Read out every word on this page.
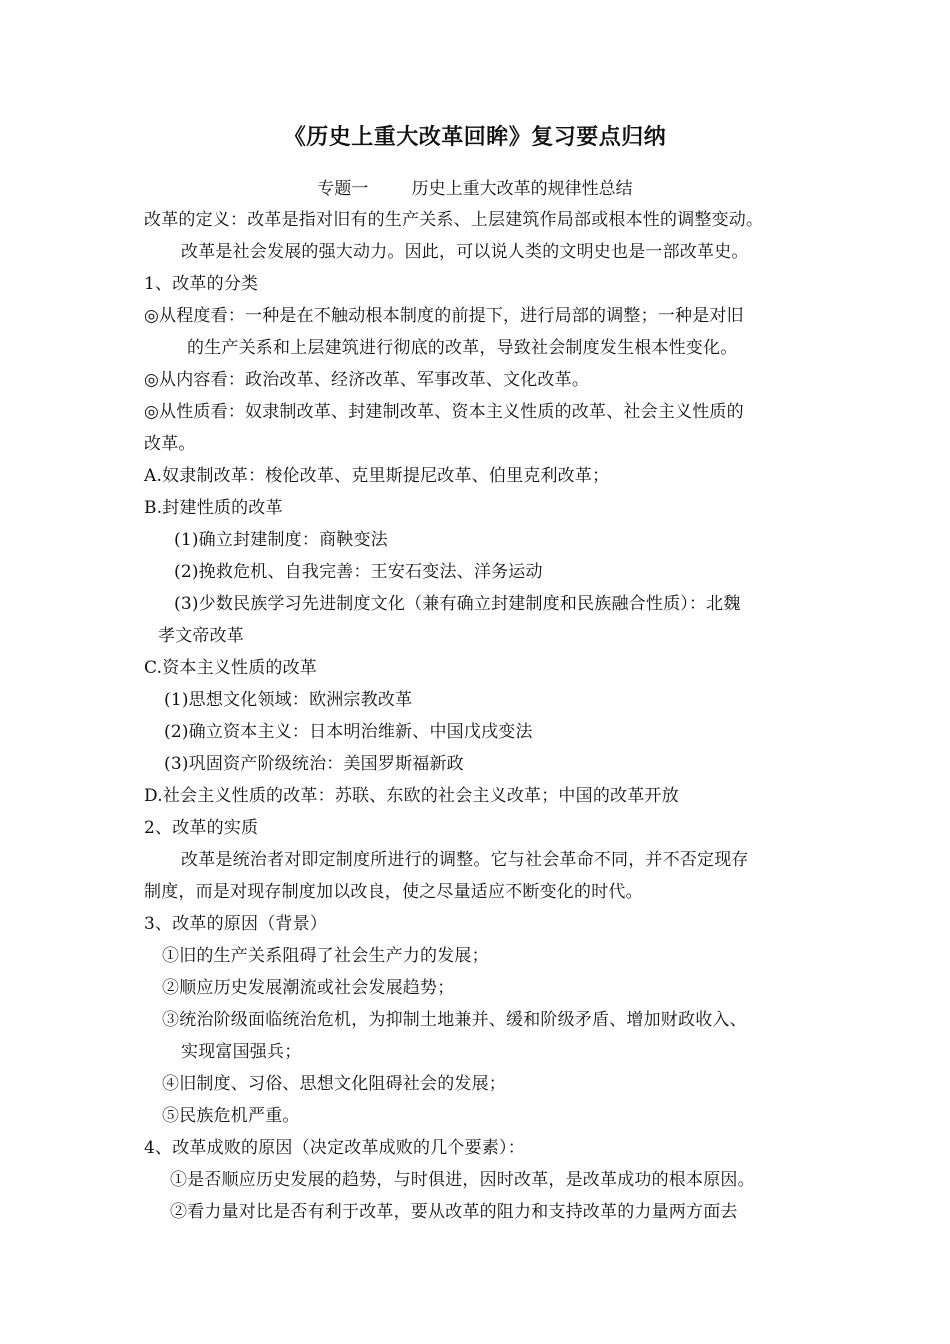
《历史上重大改革回眸》复习要点归纳
专题一        历史上重大改革的规律性总结
改革的定义：改革是指对旧有的生产关系、上层建筑作局部或根本性的调整变动。
改革是社会发展的强大动力。因此，可以说人类的文明史也是一部改革史。
1、改革的分类
◎从程度看：一种是在不触动根本制度的前提下，进行局部的调整；一种是对旧
的生产关系和上层建筑进行彻底的改革，导致社会制度发生根本性变化。
◎从内容看：政治改革、经济改革、军事改革、文化改革。
◎从性质看：奴隶制改革、封建制改革、资本主义性质的改革、社会主义性质的
改革。
A.奴隶制改革：梭伦改革、克里斯提尼改革、伯里克利改革；
B.封建性质的改革
(1)确立封建制度：商鞅变法
(2)挽救危机、自我完善：王安石变法、洋务运动
(3)少数民族学习先进制度文化（兼有确立封建制度和民族融合性质）：北魏
孝文帝改革
C.资本主义性质的改革
(1)思想文化领域：欧洲宗教改革
(2)确立资本主义：日本明治维新、中国戊戌变法
(3)巩固资产阶级统治：美国罗斯福新政
D.社会主义性质的改革：苏联、东欧的社会主义改革；中国的改革开放
2、改革的实质
改革是统治者对即定制度所进行的调整。它与社会革命不同，并不否定现存
制度，而是对现存制度加以改良，使之尽量适应不断变化的时代。
3、改革的原因（背景）
①旧的生产关系阻碍了社会生产力的发展；
②顺应历史发展潮流或社会发展趋势；
③统治阶级面临统治危机，为抑制土地兼并、缓和阶级矛盾、增加财政收入、
实现富国强兵；
④旧制度、习俗、思想文化阻碍社会的发展；
⑤民族危机严重。
4、改革成败的原因（决定改革成败的几个要素）：
①是否顺应历史发展的趋势，与时俱进，因时改革，是改革成功的根本原因。
②看力量对比是否有利于改革，要从改革的阻力和支持改革的力量两方面去
